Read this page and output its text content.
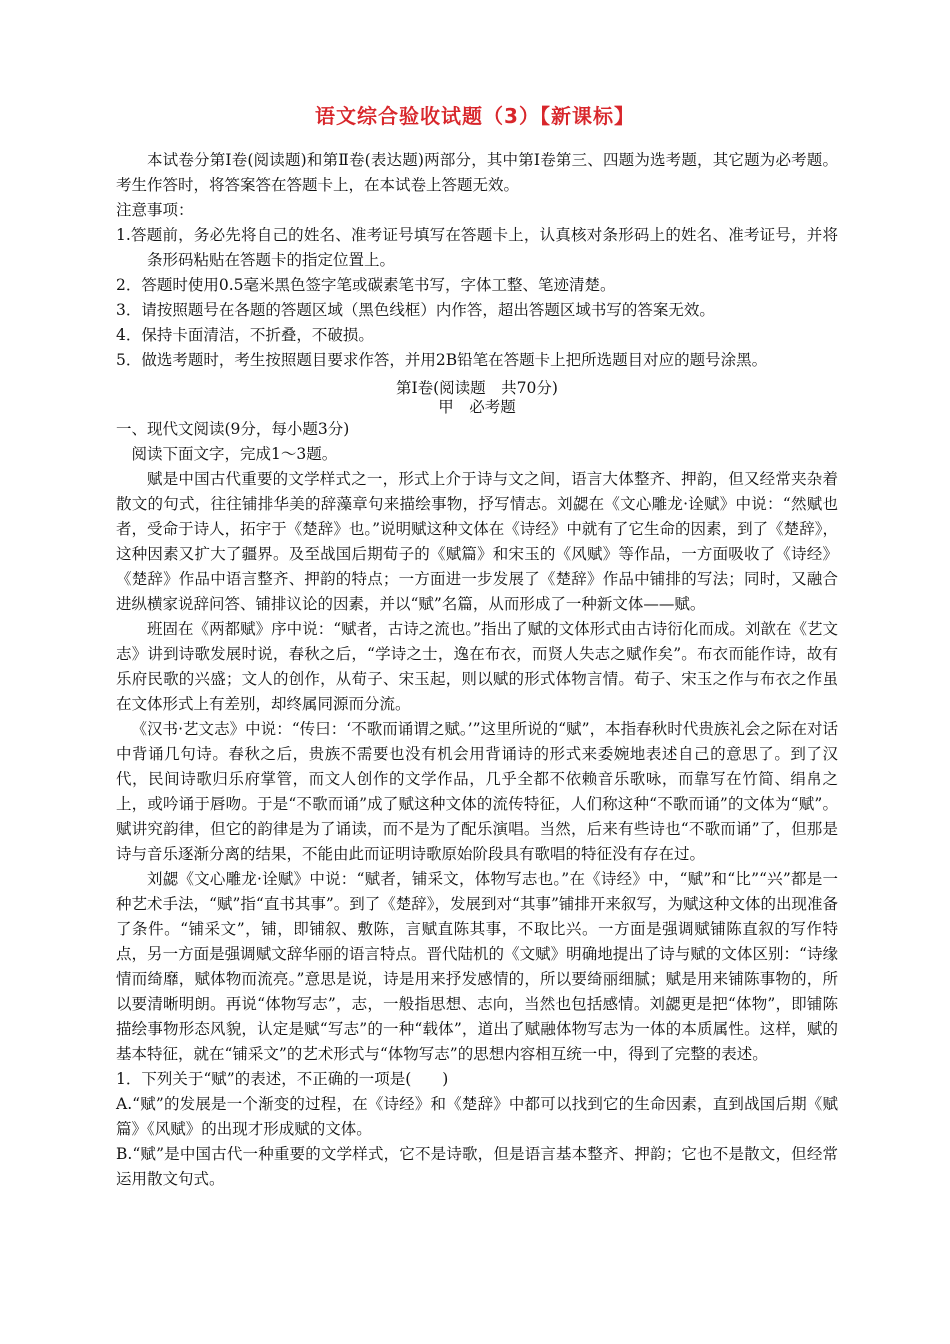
语文综合验收试题（3）【新课标】

本试卷分第Ⅰ卷(阅读题)和第Ⅱ卷(表达题)两部分，其中第Ⅰ卷第三、四题为选考题，其它题为必考题。考生作答时，将答案答在答题卡上，在本试卷上答题无效。

注意事项：

1.答题前，务必先将自己的姓名、准考证号填写在答题卡上，认真核对条形码上的姓名、准考证号，并将条形码粘贴在答题卡的指定位置上。

2．答题时使用0.5毫米黑色签字笔或碳素笔书写，字体工整、笔迹清楚。

3．请按照题号在各题的答题区域（黑色线框）内作答，超出答题区域书写的答案无效。

4．保持卡面清洁，不折叠，不破损。

5．做选考题时，考生按照题目要求作答，并用2B铅笔在答题卡上把所选题目对应的题号涂黑。

第Ⅰ卷(阅读题　共70分)

甲　必考题

一、现代文阅读(9分，每小题3分)

阅读下面文字，完成1～3题。

赋是中国古代重要的文学样式之一，形式上介于诗与文之间，语言大体整齐、押韵，但又经常夹杂着散文的句式，往往铺排华美的辞藻章句来描绘事物，抒写情志。刘勰在《文心雕龙·诠赋》中说：“然赋也者，受命于诗人，拓宇于《楚辞》也。”说明赋这种文体在《诗经》中就有了它生命的因素，到了《楚辞》，这种因素又扩大了疆界。及至战国后期荀子的《赋篇》和宋玉的《风赋》等作品，一方面吸收了《诗经》《楚辞》作品中语言整齐、押韵的特点；一方面进一步发展了《楚辞》作品中铺排的写法；同时，又融合进纵横家说辞问答、铺排议论的因素，并以“赋”名篇，从而形成了一种新文体——赋。

班固在《两都赋》序中说：“赋者，古诗之流也。”指出了赋的文体形式由古诗衍化而成。刘歆在《艺文志》讲到诗歌发展时说，春秋之后，“学诗之士，逸在布衣，而贤人失志之赋作矣”。布衣而能作诗，故有乐府民歌的兴盛；文人的创作，从荀子、宋玉起，则以赋的形式体物言情。荀子、宋玉之作与布衣之作虽在文体形式上有差别，却终属同源而分流。

《汉书·艺文志》中说：“传曰：‘不歌而诵谓之赋。’”这里所说的“赋”，本指春秋时代贵族礼会之际在对话中背诵几句诗。春秋之后，贵族不需要也没有机会用背诵诗的形式来委婉地表述自己的意思了。到了汉代，民间诗歌归乐府掌管，而文人创作的文学作品，几乎全都不依赖音乐歌咏，而靠写在竹简、绢帛之上，或吟诵于唇吻。于是“不歌而诵”成了赋这种文体的流传特征，人们称这种“不歌而诵”的文体为“赋”。赋讲究韵律，但它的韵律是为了诵读，而不是为了配乐演唱。当然，后来有些诗也“不歌而诵”了，但那是诗与音乐逐渐分离的结果，不能由此而证明诗歌原始阶段具有歌唱的特征没有存在过。

刘勰《文心雕龙·诠赋》中说：“赋者，铺采文，体物写志也。”在《诗经》中，“赋”和“比”“兴”都是一种艺术手法，“赋”指“直书其事”。到了《楚辞》，发展到对“其事”铺排开来叙写，为赋这种文体的出现准备了条件。“铺采文”，铺，即铺叙、敷陈，言赋直陈其事，不取比兴。一方面是强调赋铺陈直叙的写作特点，另一方面是强调赋文辞华丽的语言特点。晋代陆机的《文赋》明确地提出了诗与赋的文体区别：“诗缘情而绮靡，赋体物而流亮。”意思是说，诗是用来抒发感情的，所以要绮丽细腻；赋是用来铺陈事物的，所以要清晰明朗。再说“体物写志”，志，一般指思想、志向，当然也包括感情。刘勰更是把“体物”，即铺陈描绘事物形态风貌，认定是赋“写志”的一种“载体”，道出了赋融体物写志为一体的本质属性。这样，赋的基本特征，就在“铺采文”的艺术形式与“体物写志”的思想内容相互统一中，得到了完整的表述。

1．下列关于“赋”的表述，不正确的一项是(　　)

A.“赋”的发展是一个渐变的过程，在《诗经》和《楚辞》中都可以找到它的生命因素，直到战国后期《赋篇》《风赋》的出现才形成赋的文体。

B.“赋”是中国古代一种重要的文学样式，它不是诗歌，但是语言基本整齐、押韵；它也不是散文，但经常运用散文句式。
